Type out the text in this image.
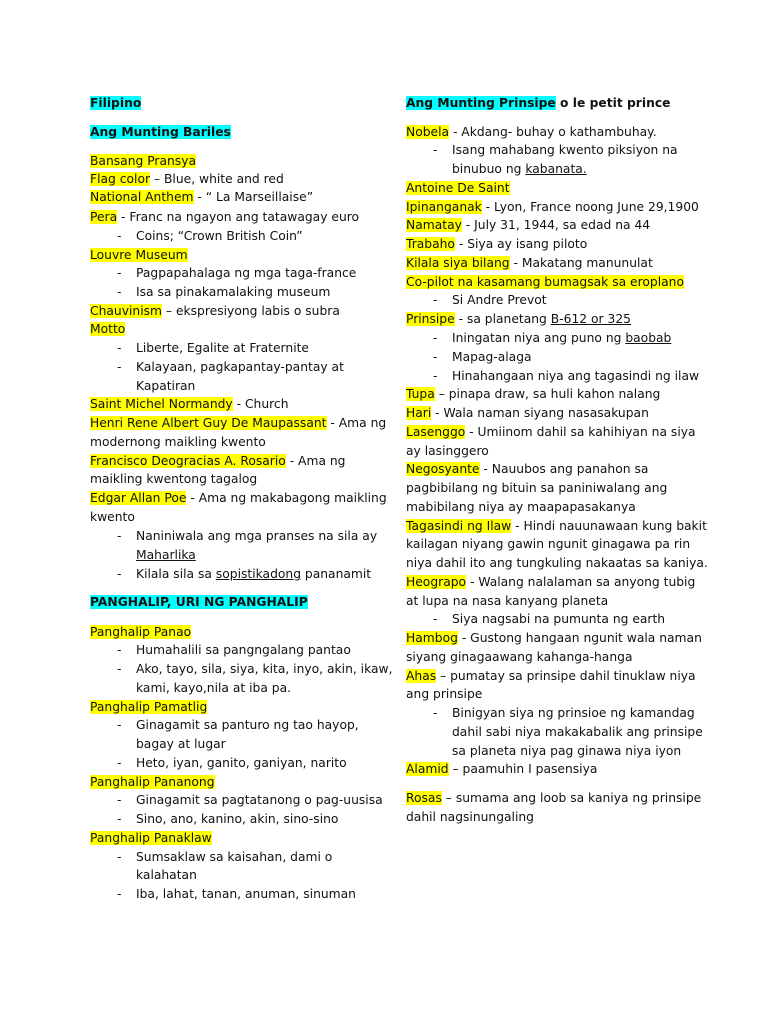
Filipino
Ang Munting Bariles
Bansang Pransya
Flag color – Blue, white and red
National Anthem - “ La Marseillaise”
Pera - Franc na ngayon ang tatawagay euro
- Coins; “Crown British Coin”
Louvre Museum
- Pagpapahalaga ng mga taga-france
- Isa sa pinakamalaking museum
Chauvinism – ekspresiyong labis o subra
Motto
- Liberte, Egalite at Fraternite
- Kalayaan, pagkapantay-pantay at
Kapatiran
Saint Michel Normandy - Church
Henri Rene Albert Guy De Maupassant - Ama ng
modernong maikling kwento
Francisco Deogracias A. Rosario - Ama ng
maikling kwentong tagalog
Edgar Allan Poe - Ama ng makabagong maikling
kwento
- Naniniwala ang mga pranses na sila ay
Maharlika
- Kilala sila sa sopistikadong pananamit
PANGHALIP, URI NG PANGHALIP
Panghalip Panao
- Humahalili sa pangngalang pantao
- Ako, tayo, sila, siya, kita, inyo, akin, ikaw,
kami, kayo,nila at iba pa.
Panghalip Pamatlig
- Ginagamit sa panturo ng tao hayop,
bagay at lugar
- Heto, iyan, ganito, ganiyan, narito
Panghalip Pananong
- Ginagamit sa pagtatanong o pag-uusisa
- Sino, ano, kanino, akin, sino-sino
Panghalip Panaklaw
- Sumsaklaw sa kaisahan, dami o
kalahatan
- Iba, lahat, tanan, anuman, sinuman
Ang Munting Prinsipe o le petit prince
Nobela - Akdang- buhay o kathambuhay.
- Isang mahabang kwento piksiyon na
binubuo ng kabanata.
Antoine De Saint
Ipinanganak - Lyon, France noong June 29,1900
Namatay - July 31, 1944, sa edad na 44
Trabaho - Siya ay isang piloto
Kilala siya bilang - Makatang manunulat
Co-pilot na kasamang bumagsak sa eroplano
- Si Andre Prevot
Prinsipe - sa planetang B-612 or 325
- Iningatan niya ang puno ng baobab
- Mapag-alaga
- Hinahangaan niya ang tagasindi ng ilaw
Tupa – pinapa draw, sa huli kahon nalang
Hari - Wala naman siyang nasasakupan
Lasenggo - Umiinom dahil sa kahihiyan na siya
ay lasinggero
Negosyante - Nauubos ang panahon sa
pagbibilang ng bituin sa paniniwalang ang
mabibilang niya ay maapapasakanya
Tagasindi ng Ilaw - Hindi nauunawaan kung bakit
kailagan niyang gawin ngunit ginagawa pa rin
niya dahil ito ang tungkuling nakaatas sa kaniya.
Heograpo - Walang nalalaman sa anyong tubig
at lupa na nasa kanyang planeta
- Siya nagsabi na pumunta ng earth
Hambog - Gustong hangaan ngunit wala naman
siyang ginagaawang kahanga-hanga
Ahas – pumatay sa prinsipe dahil tinuklaw niya
ang prinsipe
- Binigyan siya ng prinsioe ng kamandag
dahil sabi niya makakabalik ang prinsipe
sa planeta niya pag ginawa niya iyon
Alamid – paamuhin I pasensiya
Rosas – sumama ang loob sa kaniya ng prinsipe
dahil nagsinungaling
